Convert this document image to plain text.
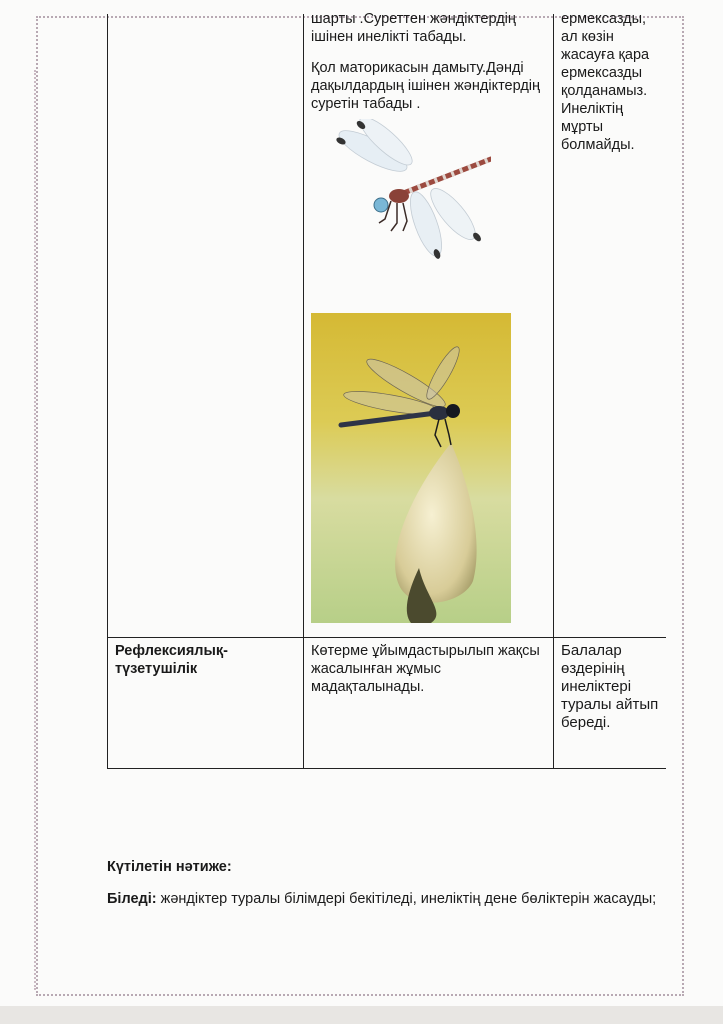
	шарты .Суреттен жәндіктердің ішінен инелікті табады.

Қол маторикасын дамыту.Дәнді дақылдардың ішінен жәндіктердің суретін табады .	ермексазды, ал көзін жасауға қара ермексазды қолданамыз. Инеліктің мұрты болмайды.

Рефлексиялық-түзетушілік	Көтерме ұйымдастырылып жақсы жасалынған жұмыс мадақталынады.	Балалар өздерінің инеліктері туралы айтып береді.

Күтілетін нәтиже:

Біледі: жәндіктер туралы білімдері бекітіледі, инеліктің дене бөліктерін жасауды;
